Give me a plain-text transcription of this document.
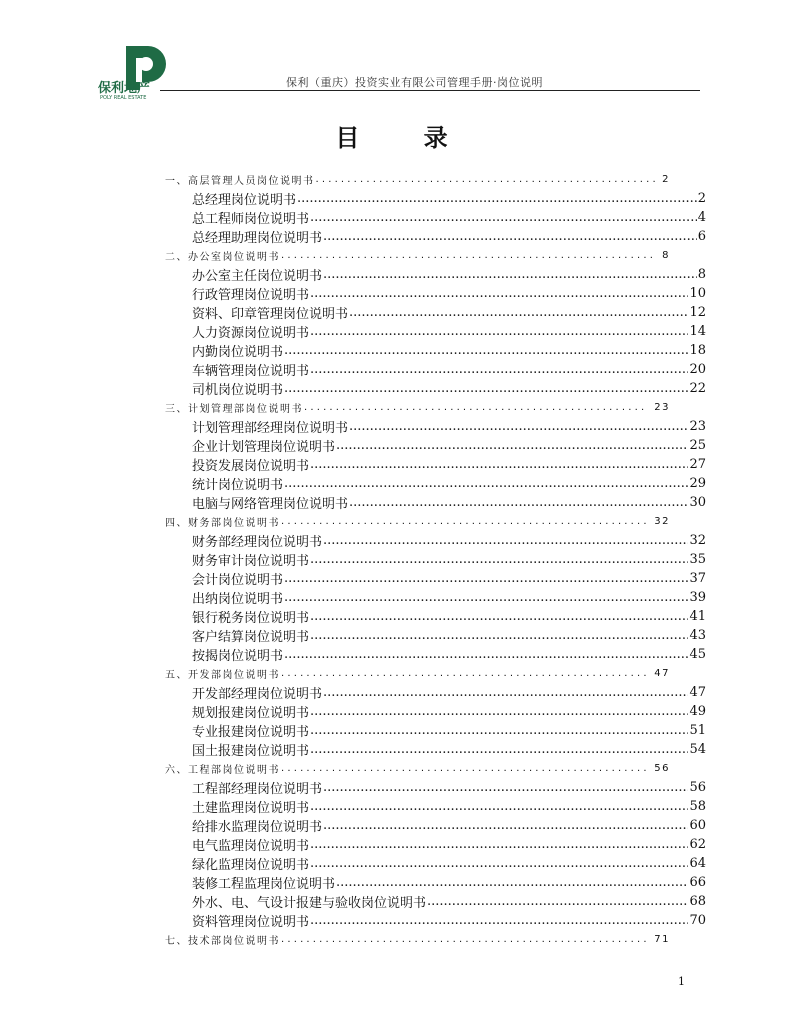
保利地产
POLY REAL ESTATE
保利（重庆）投资实业有限公司管理手册·岗位说明
目 录
一、高层管理人员岗位说明书 . . .	2
总经理岗位说明书 .....	2
总工程师岗位说明书 .....	4
总经理助理岗位说明书 .....	6
二、办公室岗位说明书 . . .	8
办公室主任岗位说明书 .....	8
行政管理岗位说明书 .....	10
资料、印章管理岗位说明书 .....	12
人力资源岗位说明书 .....	14
内勤岗位说明书 .....	18
车辆管理岗位说明书 .....	20
司机岗位说明书 .....	22
三、计划管理部岗位说明书 . . .	23
计划管理部经理岗位说明书 .....	23
企业计划管理岗位说明书 .....	25
投资发展岗位说明书 .....	27
统计岗位说明书 .....	29
电脑与网络管理岗位说明书 .....	30
四、财务部岗位说明书 . . .	32
财务部经理岗位说明书 .....	32
财务审计岗位说明书 .....	35
会计岗位说明书 .....	37
出纳岗位说明书 .....	39
银行税务岗位说明书 .....	41
客户结算岗位说明书 .....	43
按揭岗位说明书 .....	45
五、开发部岗位说明书 . . .	47
开发部经理岗位说明书 .....	47
规划报建岗位说明书 .....	49
专业报建岗位说明书 .....	51
国土报建岗位说明书 .....	54
六、工程部岗位说明书 . . .	56
工程部经理岗位说明书 .....	56
土建监理岗位说明书 .....	58
给排水监理岗位说明书 .....	60
电气监理岗位说明书 .....	62
绿化监理岗位说明书 .....	64
装修工程监理岗位说明书 .....	66
外水、电、气设计报建与验收岗位说明书 .....	68
资料管理岗位说明书 .....	70
七、技术部岗位说明书 . . .	71
1
